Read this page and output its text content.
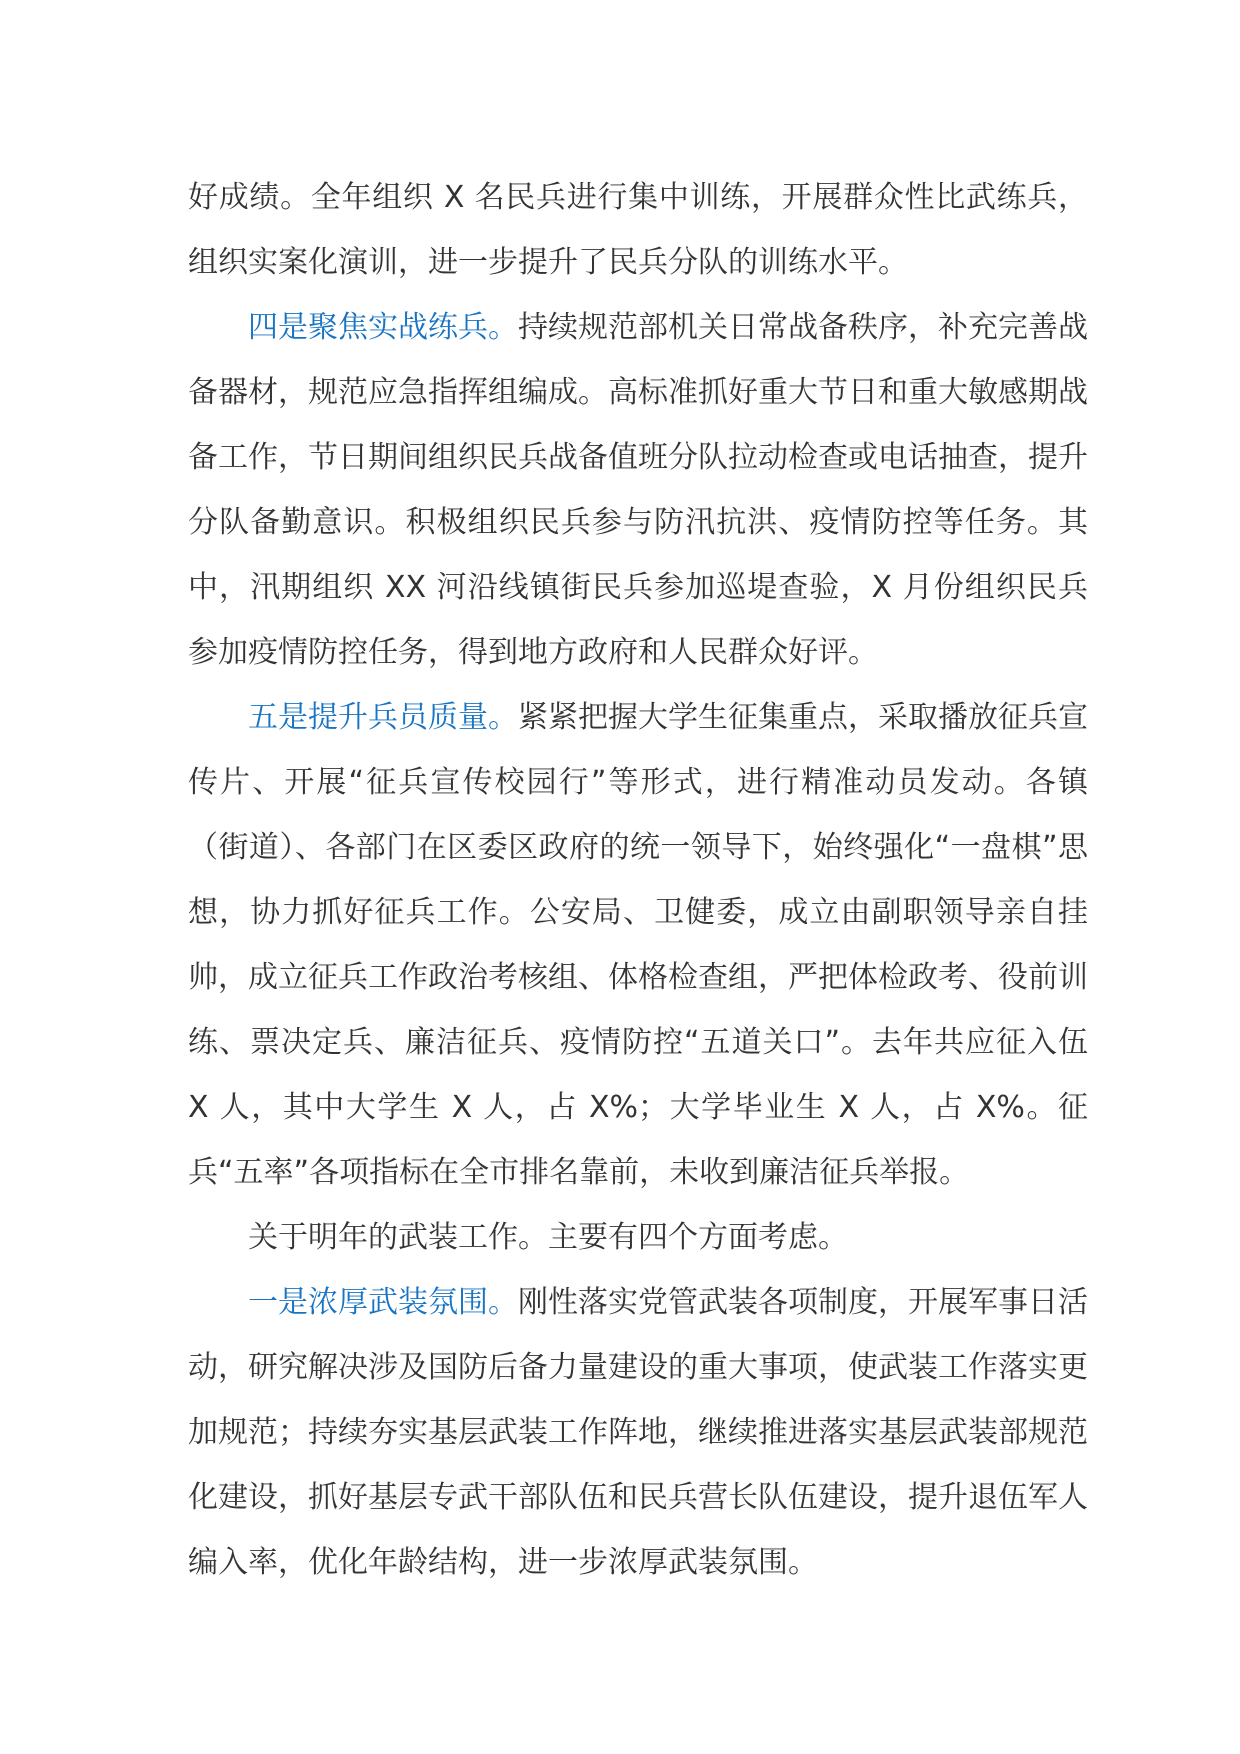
好成绩。全年组织 X 名民兵进行集中训练，开展群众性比武练兵，组织实案化演训，进一步提升了民兵分队的训练水平。

四是聚焦实战练兵。持续规范部机关日常战备秩序，补充完善战备器材，规范应急指挥组编成。高标准抓好重大节日和重大敏感期战备工作，节日期间组织民兵战备值班分队拉动检查或电话抽查，提升分队备勤意识。积极组织民兵参与防汛抗洪、疫情防控等任务。其中，汛期组织 XX 河沿线镇街民兵参加巡堤查验，X 月份组织民兵参加疫情防控任务，得到地方政府和人民群众好评。

五是提升兵员质量。紧紧把握大学生征集重点，采取播放征兵宣传片、开展“征兵宣传校园行”等形式，进行精准动员发动。各镇（街道）、各部门在区委区政府的统一领导下，始终强化“一盘棋”思想，协力抓好征兵工作。公安局、卫健委，成立由副职领导亲自挂帅，成立征兵工作政治考核组、体格检查组，严把体检政考、役前训练、票决定兵、廉洁征兵、疫情防控“五道关口”。去年共应征入伍 X 人，其中大学生 X 人，占 X%；大学毕业生 X 人，占 X%。征兵“五率”各项指标在全市排名靠前，未收到廉洁征兵举报。

关于明年的武装工作。主要有四个方面考虑。

一是浓厚武装氛围。刚性落实党管武装各项制度，开展军事日活动，研究解决涉及国防后备力量建设的重大事项，使武装工作落实更加规范；持续夯实基层武装工作阵地，继续推进落实基层武装部规范化建设，抓好基层专武干部队伍和民兵营长队伍建设，提升退伍军人编入率，优化年龄结构，进一步浓厚武装氛围。
